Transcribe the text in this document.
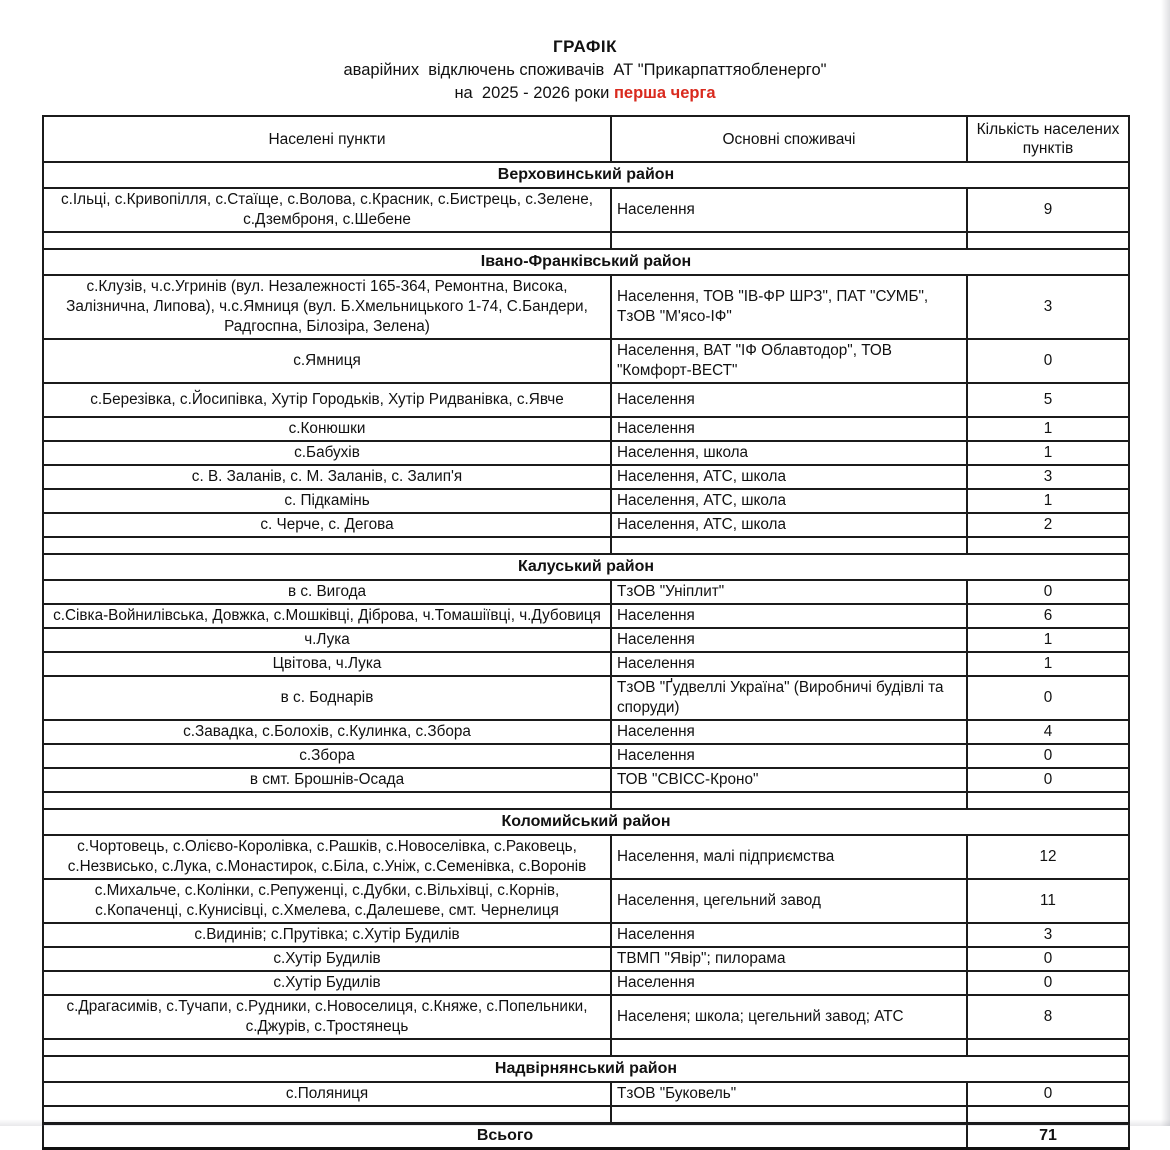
ГРАФІК
аварійних  відключень споживачів  АТ "Прикарпаттяобленерго"
на  2025 - 2026 роки перша черга
Населені пункти	Основні споживачі	Кількість населених пунктів
Верховинський район		
с.Ільці, с.Кривопілля, с.Стаїще, с.Волова, с.Красник, с.Бистрець, с.Зелене, с.Дземброня, с.Шебене	Населення	9

Івано-Франківський район		
с.Клузів, ч.с.Угринів (вул. Незалежності 165-364, Ремонтна, Висока, Залізнична, Липова), ч.с.Ямниця (вул. Б.Хмельницького 1-74, С.Бандери, Радгоспна, Білозіра, Зелена)	Населення, ТОВ "ІВ-ФР ШРЗ", ПАТ "СУМБ", ТзОВ "М'ясо-ІФ"	3
с.Ямниця	Населення, ВАТ "ІФ Облавтодор", ТОВ "Комфорт-ВЕСТ"	0
с.Березівка, с.Йосипівка, Хутір Городьків, Хутір Ридванівка, с.Явче	Населення	5
с.Конюшки	Населення	1
с.Бабухів	Населення, школа	1
с. В. Заланів, с. М. Заланів, с. Залип'я	Населення, АТС, школа	3
с. Підкамінь	Населення, АТС, школа	1
с. Черче, с. Дегова	Населення, АТС, школа	2

Калуський район		
в с. Вигода	ТзОВ "Уніплит"	0
с.Сівка-Войнилівська, Довжка, с.Мошківці, Діброва, ч.Томашіївці, ч.Дубовиця	Населення	6
ч.Лука	Населення	1
Цвітова, ч.Лука	Населення	1
в с. Боднарів	ТзОВ "Ґудвеллі Україна" (Виробничі будівлі та споруди)	0
с.Завадка, с.Болохів, с.Кулинка, с.Збора	Населення	4
с.Збора	Населення	0
в смт. Брошнів-Осада	ТОВ "СВІСС-Кроно"	0

Коломийський район		
с.Чортовець, с.Олієво-Королівка, с.Рашків, с.Новоселівка, с.Раковець, с.Незвисько, с.Лука, с.Монастирок, с.Біла, с.Уніж, с.Семенівка, с.Воронів	Населення, малі підприємства	12
с.Михальче, с.Колінки, с.Репуженці, с.Дубки, с.Вільхівці, с.Корнів, с.Копаченці, с.Кунисівці, с.Хмелева, с.Далешеве, смт. Чернелиця	Населення, цегельний завод	11
с.Видинів; с.Прутівка; с.Хутір Будилів	Населення	3
с.Хутір Будилів	ТВМП "Явір"; пилорама	0
с.Хутір Будилів	Населення	0
с.Драгасимів, с.Тучапи, с.Рудники, с.Новоселиця, с.Княже, с.Попельники, с.Джурів, с.Тростянець	Населеня; школа; цегельний завод; АТС	8

Надвірнянський район		
с.Поляниця	ТзОВ "Буковель"	0

Всього		71
